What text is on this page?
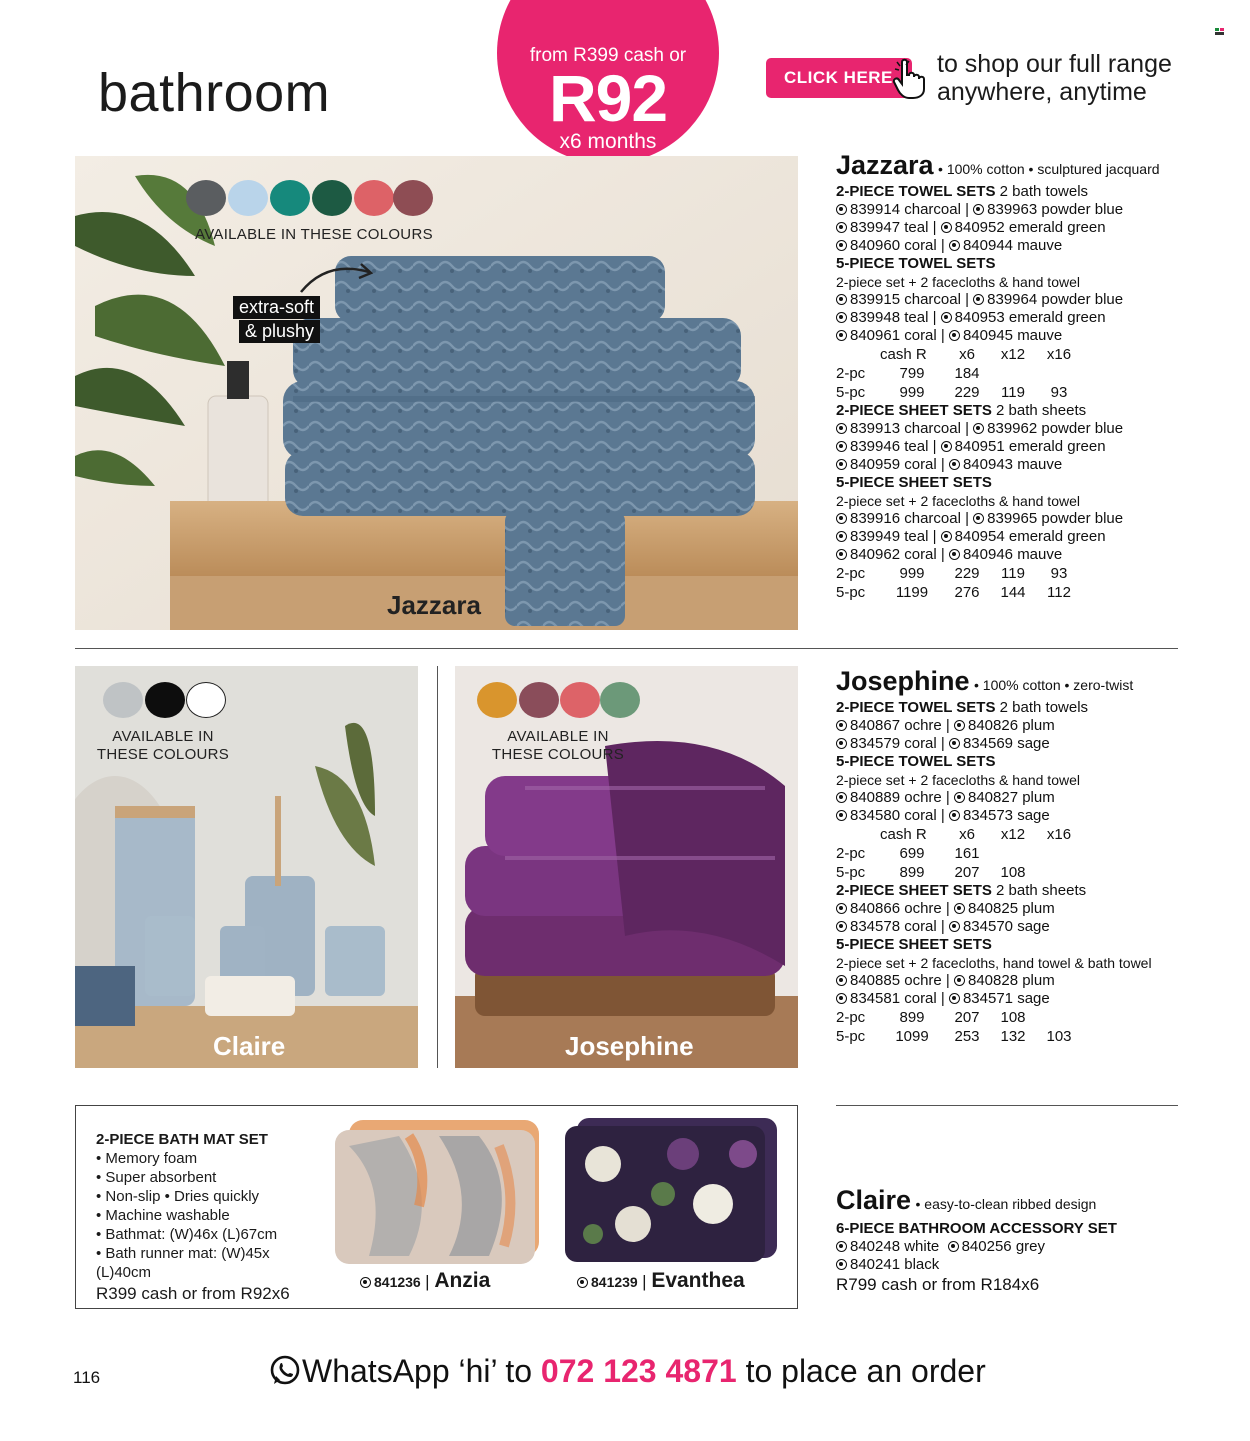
bathroom
from R399 cash or
R92
x6 months
CLICK HERE	to shop our full range
anywhere, anytime
AVAILABLE IN THESE COLOURS
extra-soft
& plushy
Jazzara
Jazzara • 100% cotton • sculptured jacquard
2-PIECE TOWEL SETS 2 bath towels
839914 charcoal | 839963 powder blue
839947 teal | 840952 emerald green
840960 coral | 840944 mauve
5-PIECE TOWEL SETS
2-piece set + 2 facecloths & hand towel
839915 charcoal | 839964 powder blue
839948 teal | 840953 emerald green
840961 coral | 840945 mauve
	cash R	x6	x12	x16
2-pc	799	184		
5-pc	999	229	119	93
2-PIECE SHEET SETS 2 bath sheets
839913 charcoal | 839962 powder blue
839946 teal | 840951 emerald green
840959 coral | 840943 mauve
5-PIECE SHEET SETS
2-piece set + 2 facecloths & hand towel
839916 charcoal | 839965 powder blue
839949 teal | 840954 emerald green
840962 coral | 840946 mauve
2-pc	999	229	119	93
5-pc	1199	276	144	112
AVAILABLE IN
THESE COLOURS
Claire
AVAILABLE IN
THESE COLOURS
Josephine
Josephine • 100% cotton • zero-twist
2-PIECE TOWEL SETS 2 bath towels
840867 ochre | 840826 plum
834579 coral | 834569 sage
5-PIECE TOWEL SETS
2-piece set + 2 facecloths & hand towel
840889 ochre | 840827 plum
834580 coral | 834573 sage
	cash R	x6	x12	x16
2-pc	699	161		
5-pc	899	207	108	
2-PIECE SHEET SETS 2 bath sheets
840866 ochre | 840825 plum
834578 coral | 834570 sage
5-PIECE SHEET SETS
2-piece set + 2 facecloths, hand towel & bath towel
840885 ochre | 840828 plum
834581 coral | 834571 sage
2-pc	899	207	108	
5-pc	1099	253	132	103
2-PIECE BATH MAT SET
• Memory foam
• Super absorbent
• Non-slip • Dries quickly
• Machine washable
• Bathmat: (W)46x (L)67cm
• Bath runner mat: (W)45x (L)40cm
R399 cash or from R92x6
841236 | Anzia	841239 | Evanthea
Claire • easy-to-clean ribbed design
6-PIECE BATHROOM ACCESSORY SET
840248 white 840256 grey
840241 black
R799 cash or from R184x6
116	WhatsApp ‘hi’ to 072 123 4871 to place an order
